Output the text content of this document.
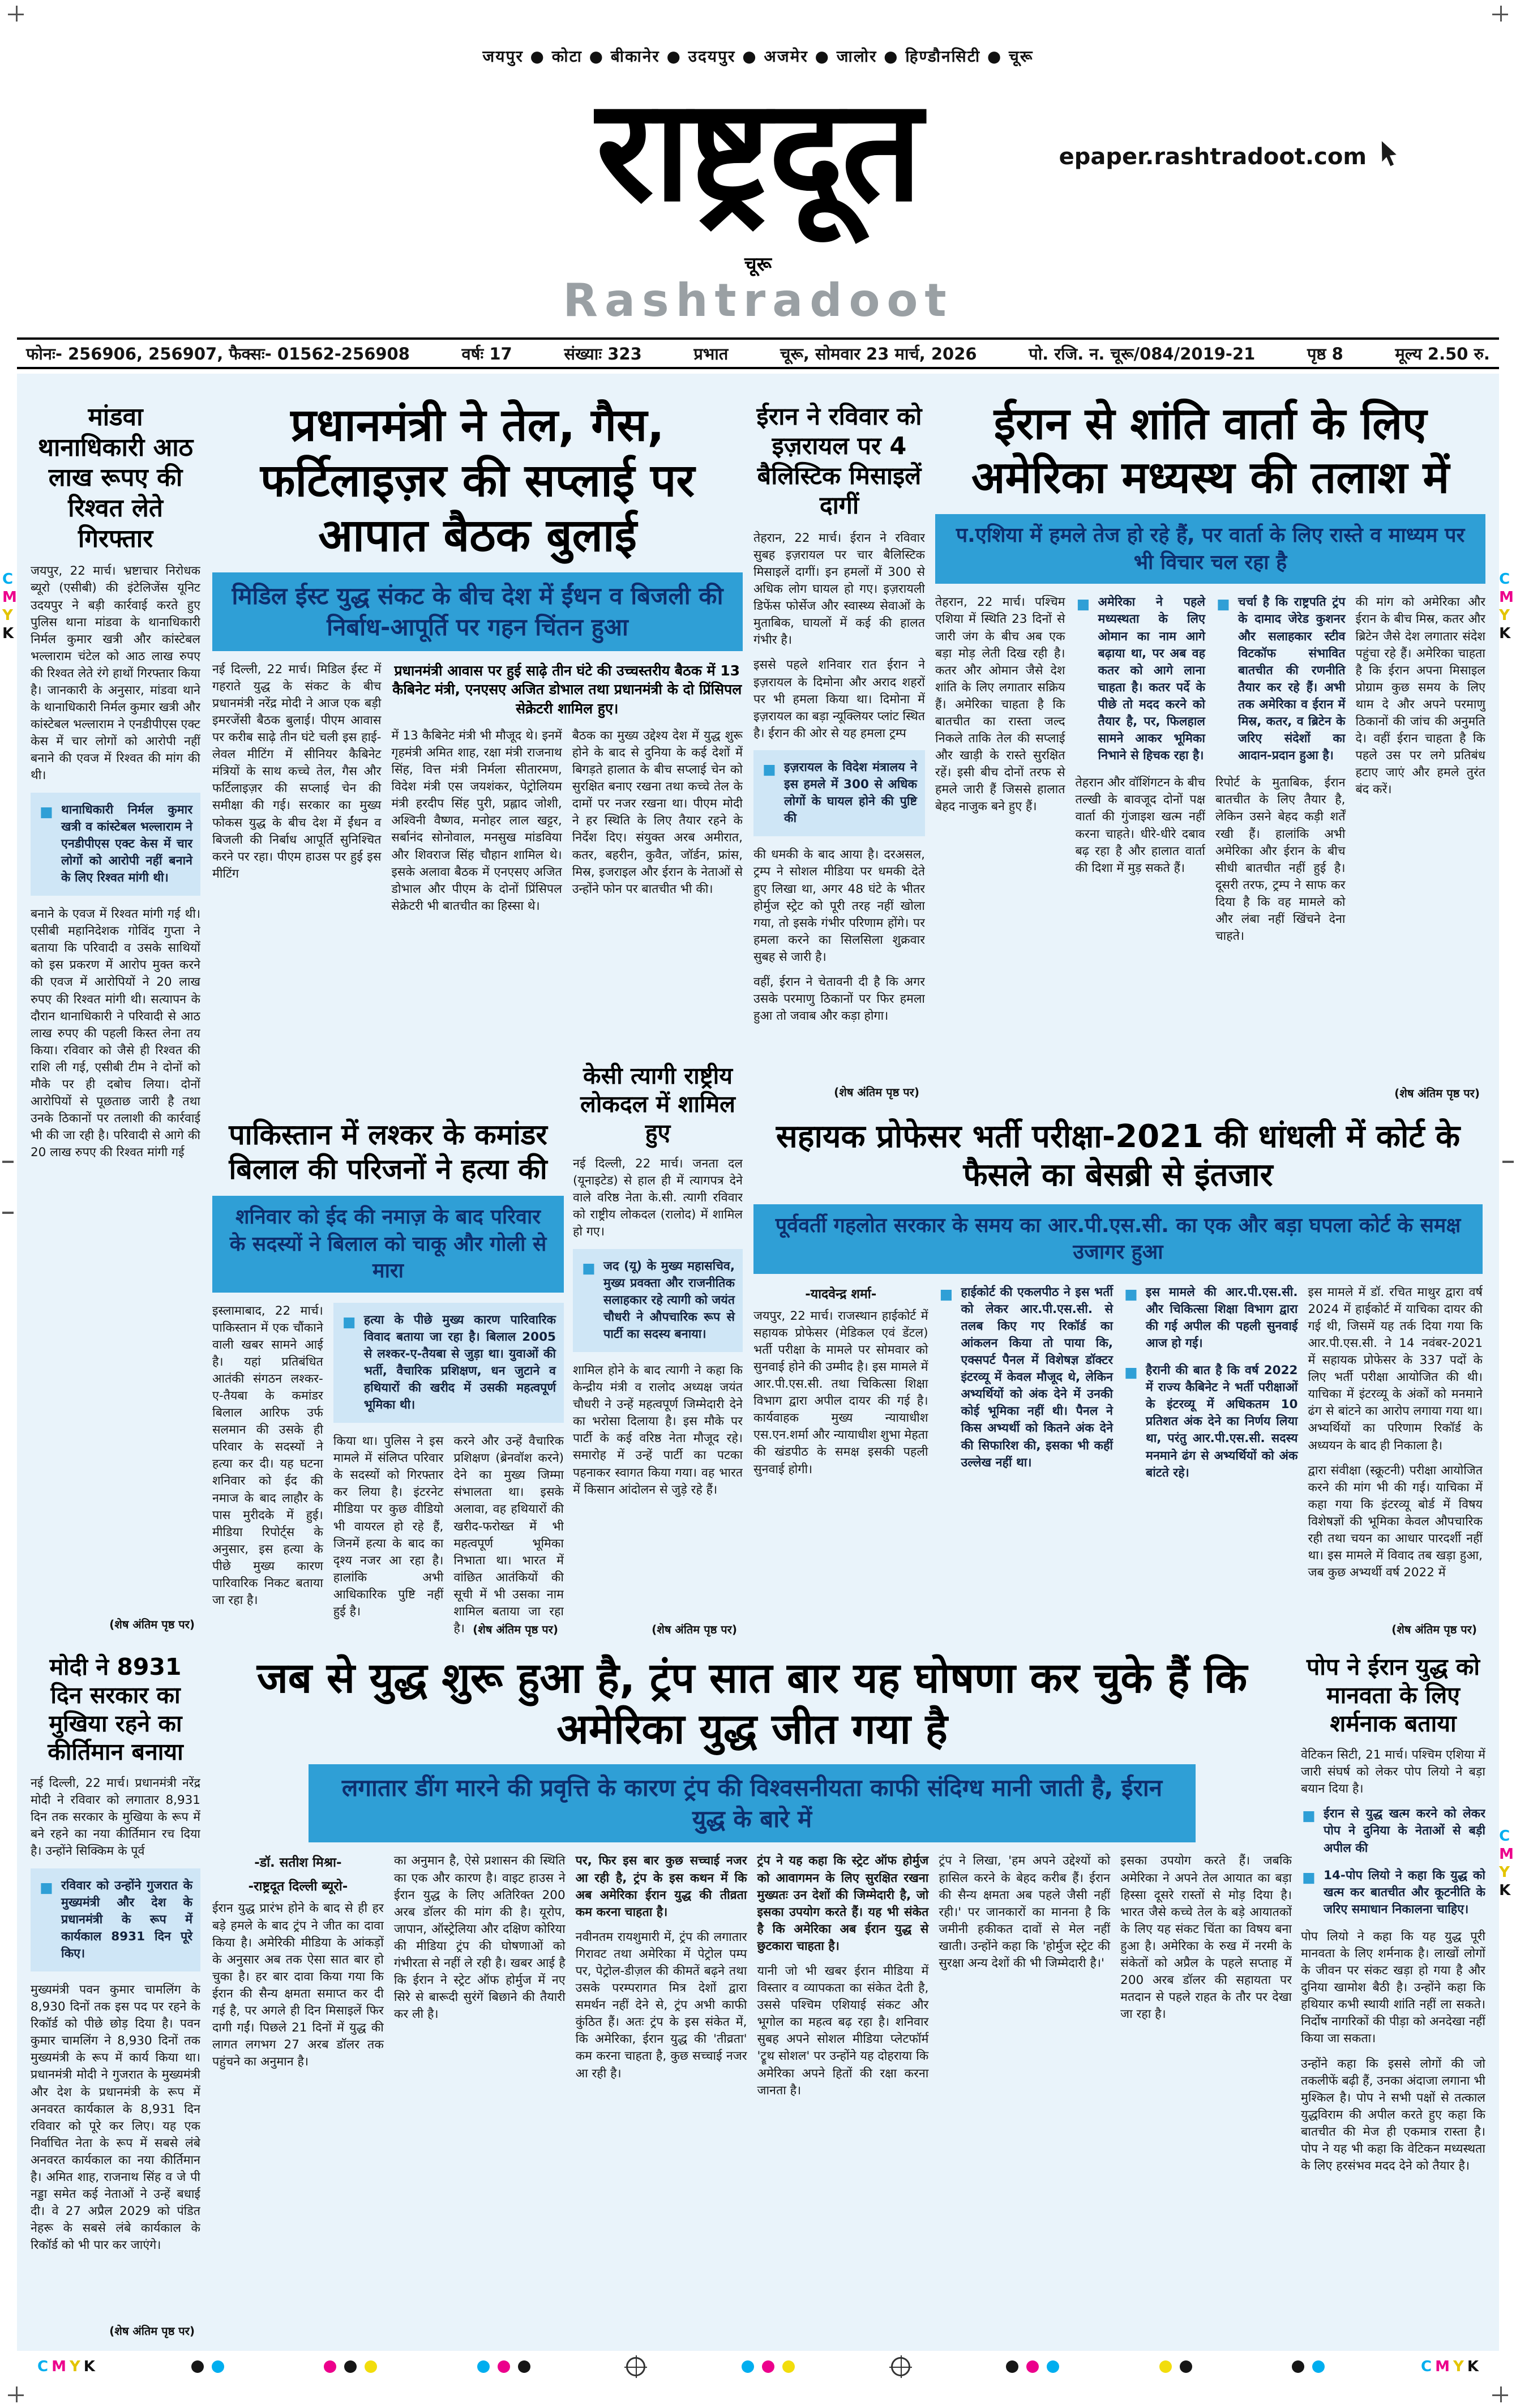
जयपुर ● कोटा ● बीकानेर ● उदयपुर ● अजमेर ● जालोर ● हिण्डौनसिटी ● चूरू
राष्ट्रदूत
चूरू
Rashtradoot
epaper.rashtradoot.com
फोनः- 256906, 256907, फैक्सः- 01562-256908	वर्षः 17	संख्याः 323	प्रभात	चूरू, सोमवार 23 मार्च, 2026	पो. रजि. न. चूरू/084/2019-21	पृष्ठ 8	मूल्य 2.50 रु.
मांडवा थानाधिकारी आठ लाख रूपए की रिश्वत लेते गिरफ्तार

जयपुर, 22 मार्च। भ्रष्टाचार निरोधक ब्यूरो (एसीबी) की इंटेलिजेंस यूनिट उदयपुर ने बड़ी कार्रवाई करते हुए पुलिस थाना मांडवा के थानाधिकारी निर्मल कुमार खत्री और कांस्टेबल भल्लाराम चंटेल को आठ लाख रुपए की रिश्वत लेते रंगे हाथों गिरफ्तार किया है। जानकारी के अनुसार, मांडवा थाने के थानाधिकारी निर्मल कुमार खत्री और कांस्टेबल भल्लाराम ने एनडीपीएस एक्ट केस में चार लोगों को आरोपी नहीं बनाने की एवज में रिश्वत की मांग की थी।

■ थानाधिकारी निर्मल कुमार खत्री व कांस्टेबल भल्लाराम ने एनडीपीएस एक्ट केस में चार लोगों को आरोपी नहीं बनाने के लिए रिश्वत मांगी थी।

बनाने के एवज में रिश्वत मांगी गई थी। एसीबी महानिदेशक गोविंद गुप्ता ने बताया कि परिवादी व उसके साथियों को इस प्रकरण में आरोप मुक्त करने की एवज में आरोपियों ने 20 लाख रुपए की रिश्वत मांगी थी। सत्यापन के दौरान थानाधिकारी ने परिवादी से आठ लाख रुपए की पहली किस्त लेना तय किया। रविवार को जैसे ही रिश्वत की राशि ली गई, एसीबी टीम ने दोनों को मौके पर ही दबोच लिया। दोनों आरोपियों से पूछताछ जारी है तथा उनके ठिकानों पर तलाशी की कार्रवाई भी की जा रही है। परिवादी से आगे की 20 लाख रुपए की रिश्वत मांगी गई

(शेष अंतिम पृष्ठ पर)
प्रधानमंत्री ने तेल, गैस, फर्टिलाइज़र की सप्लाई पर आपात बैठक बुलाई
मिडिल ईस्ट युद्ध संकट के बीच देश में ईंधन व बिजली की निर्बाध-आपूर्ति पर गहन चिंतन हुआ

नई दिल्ली, 22 मार्च। मिडिल ईस्ट में गहराते युद्ध के संकट के बीच प्रधानमंत्री नरेंद्र मोदी ने आज एक बड़ी इमरजेंसी बैठक बुलाई। पीएम आवास पर करीब साढ़े तीन घंटे चली इस हाई-लेवल मीटिंग में सीनियर कैबिनेट मंत्रियों के साथ कच्चे तेल, गैस और फर्टिलाइज़र की सप्लाई चेन की समीक्षा की गई। सरकार का मुख्य फोकस युद्ध के बीच देश में ईंधन व बिजली की निर्बाध आपूर्ति सुनिश्चित करने पर रहा। पीएम हाउस पर हुई इस मीटिंग

प्रधानमंत्री आवास पर हुई साढ़े तीन घंटे की उच्चस्तरीय बैठक में 13 कैबिनेट मंत्री, एनएसए अजित डोभाल तथा प्रधानमंत्री के दो प्रिंसिपल सेक्रेटरी शामिल हुए।

में 13 कैबिनेट मंत्री भी मौजूद थे। इनमें गृहमंत्री अमित शाह, रक्षा मंत्री राजनाथ सिंह, वित्त मंत्री निर्मला सीतारमण, विदेश मंत्री एस जयशंकर, पेट्रोलियम मंत्री हरदीप सिंह पुरी, प्रह्लाद जोशी, अश्विनी वैष्णव, मनोहर लाल खट्टर, सर्बानंद सोनोवाल, मनसुख मांडविया और शिवराज सिंह चौहान शामिल थे। इसके अलावा बैठक में एनएसए अजित डोभाल और पीएम के दोनों प्रिंसिपल सेक्रेटरी भी बातचीत का हिस्सा थे।

बैठक का मुख्य उद्देश्य देश में युद्ध शुरू होने के बाद से दुनिया के कई देशों में बिगड़ते हालात के बीच सप्लाई चेन को सुरक्षित बनाए रखना तथा कच्चे तेल के दामों पर नजर रखना था। पीएम मोदी ने हर स्थिति के लिए तैयार रहने के निर्देश दिए। संयुक्त अरब अमीरात, कतर, बहरीन, कुवैत, जॉर्डन, फ्रांस, मिस्र, इजराइल और ईरान के नेताओं से उन्होंने फोन पर बातचीत भी की।

ईरान ने रविवार को इज़रायल पर 4 बैलिस्टिक मिसाइलें दागीं

तेहरान, 22 मार्च। ईरान ने रविवार सुबह इज़रायल पर चार बैलिस्टिक मिसाइलें दागीं। इन हमलों में 300 से अधिक लोग घायल हो गए। इज़रायली डिफेंस फोर्सेज और स्वास्थ्य सेवाओं के मुताबिक, घायलों में कई की हालत गंभीर है।

इससे पहले शनिवार रात ईरान ने इज़रायल के दिमोना और अराद शहरों पर भी हमला किया था। दिमोना में इज़रायल का बड़ा न्यूक्लियर प्लांट स्थित है। ईरान की ओर से यह हमला ट्रम्प

■ इज़रायल के विदेश मंत्रालय ने इस हमले में 300 से अधिक लोगों के घायल होने की पुष्टि की

की धमकी के बाद आया है। दरअसल, ट्रम्प ने सोशल मीडिया पर धमकी देते हुए लिखा था, अगर 48 घंटे के भीतर होर्मुज स्ट्रेट को पूरी तरह नहीं खोला गया, तो इसके गंभीर परिणाम होंगे। पर हमला करने का सिलसिला शुक्रवार सुबह से जारी है।

वहीं, ईरान ने चेतावनी दी है कि अगर उसके परमाणु ठिकानों पर फिर हमला हुआ तो जवाब और कड़ा होगा।

(शेष अंतिम पृष्ठ पर)
ईरान से शांति वार्ता के लिए अमेरिका मध्यस्थ की तलाश में
प.एशिया में हमले तेज हो रहे हैं, पर वार्ता के लिए रास्ते व माध्यम पर भी विचार चल रहा है

तेहरान, 22 मार्च। पश्चिम एशिया में स्थिति 23 दिनों से जारी जंग के बीच अब एक बड़ा मोड़ लेती दिख रही है। कतर और ओमान जैसे देश शांति के लिए लगातार सक्रिय हैं। अमेरिका चाहता है कि बातचीत का रास्ता जल्द निकले ताकि तेल की सप्लाई और खाड़ी के रास्ते सुरक्षित रहें। इसी बीच दोनों तरफ से हमले जारी हैं जिससे हालात बेहद नाजुक बने हुए हैं।

■ अमेरिका ने पहले मध्यस्थता के लिए ओमान का नाम आगे बढ़ाया था, पर अब वह कतर को आगे लाना चाहता है। कतर पर्दे के पीछे तो मदद करने को तैयार है, पर, फिलहाल सामने आकर भूमिका निभाने से हिचक रहा है।

तेहरान और वॉशिंगटन के बीच तल्खी के बावजूद दोनों पक्ष वार्ता की गुंजाइश खत्म नहीं करना चाहते। धीरे-धीरे दबाव बढ़ रहा है और हालात वार्ता की दिशा में मुड़ सकते हैं।

■ चर्चा है कि राष्ट्रपति ट्रंप के दामाद जेरेड कुशनर और सलाहकार स्टीव विटकॉफ संभावित बातचीत की रणनीति तैयार कर रहे हैं। अभी तक अमेरिका व ईरान में मिस्र, कतर, व ब्रिटेन के जरिए संदेशों का आदान-प्रदान हुआ है।

रिपोर्ट के मुताबिक, ईरान बातचीत के लिए तैयार है, लेकिन उसने बेहद कड़ी शर्तें रखी हैं। हालांकि अभी अमेरिका और ईरान के बीच सीधी बातचीत नहीं हुई है। दूसरी तरफ, ट्रम्प ने साफ कर दिया है कि वह मामले को और लंबा नहीं खिंचने देना चाहते।

की मांग को अमेरिका और ईरान के बीच मिस्र, कतर और ब्रिटेन जैसे देश लगातार संदेश पहुंचा रहे हैं। अमेरिका चाहता है कि ईरान अपना मिसाइल प्रोग्राम कुछ समय के लिए थाम दे और अपने परमाणु ठिकानों की जांच की अनुमति दे। वहीं ईरान चाहता है कि पहले उस पर लगे प्रतिबंध हटाए जाएं और हमले तुरंत बंद करें।

(शेष अंतिम पृष्ठ पर)
पाकिस्तान में लश्कर के कमांडर बिलाल की परिजनों ने हत्या की
शनिवार को ईद की नमाज़ के बाद परिवार के सदस्यों ने बिलाल को चाकू और गोली से मारा

इस्लामाबाद, 22 मार्च। पाकिस्तान में एक चौंकाने वाली खबर सामने आई है। यहां प्रतिबंधित आतंकी संगठन लश्कर-ए-तैयबा के कमांडर बिलाल आरिफ उर्फ सलमान की उसके ही परिवार के सदस्यों ने हत्या कर दी। यह घटना शनिवार को ईद की नमाज के बाद लाहौर के पास मुरीदके में हुई। मीडिया रिपोर्ट्स के अनुसार, इस हत्या के पीछे मुख्य कारण पारिवारिक निकट बताया जा रहा है।

■ हत्या के पीछे मुख्य कारण पारिवारिक विवाद बताया जा रहा है। बिलाल 2005 से लश्कर-ए-तैयबा से जुड़ा था। युवाओं की भर्ती, वैचारिक प्रशिक्षण, धन जुटाने व हथियारों की खरीद में उसकी महत्वपूर्ण भूमिका थी।

किया था। पुलिस ने इस मामले में संलिप्त परिवार के सदस्यों को गिरफ्तार कर लिया है। इंटरनेट मीडिया पर कुछ वीडियो भी वायरल हो रहे हैं, जिनमें हत्या के बाद का दृश्य नजर आ रहा है। हालांकि अभी आधिकारिक पुष्टि नहीं हुई है।

करने और उन्हें वैचारिक प्रशिक्षण (ब्रेनवॉश करने) देने का मुख्य जिम्मा संभालता था। इसके अलावा, वह हथियारों की खरीद-फरोख्त में भी महत्वपूर्ण भूमिका निभाता था। भारत में वांछित आतंकियों की सूची में भी उसका नाम शामिल बताया जा रहा है। (शेष अंतिम पृष्ठ पर)
केसी त्यागी राष्ट्रीय लोकदल में शामिल हुए

नई दिल्ली, 22 मार्च। जनता दल (यूनाइटेड) से हाल ही में त्यागपत्र देने वाले वरिष्ठ नेता के.सी. त्यागी रविवार को राष्ट्रीय लोकदल (रालोद) में शामिल हो गए।

■ जद (यू) के मुख्य महासचिव, मुख्य प्रवक्ता और राजनीतिक सलाहकार रहे त्यागी को जयंत चौधरी ने औपचारिक रूप से पार्टी का सदस्य बनाया।

शामिल होने के बाद त्यागी ने कहा कि केन्द्रीय मंत्री व रालोद अध्यक्ष जयंत चौधरी ने उन्हें महत्वपूर्ण जिम्मेदारी देने का भरोसा दिलाया है। इस मौके पर पार्टी के कई वरिष्ठ नेता मौजूद रहे। समारोह में उन्हें पार्टी का पटका पहनाकर स्वागत किया गया। वह भारत में किसान आंदोलन से जुड़े रहे हैं।

(शेष अंतिम पृष्ठ पर)
सहायक प्रोफेसर भर्ती परीक्षा-2021 की धांधली में कोर्ट के फैसले का बेसब्री से इंतजार
पूर्ववर्ती गहलोत सरकार के समय का आर.पी.एस.सी. का एक और बड़ा घपला कोर्ट के समक्ष उजागर हुआ

-यादवेन्द्र शर्मा-

जयपुर, 22 मार्च। राजस्थान हाईकोर्ट में सहायक प्रोफेसर (मेडिकल एवं डेंटल) भर्ती परीक्षा के मामले पर सोमवार को सुनवाई होने की उम्मीद है। इस मामले में आर.पी.एस.सी. तथा चिकित्सा शिक्षा विभाग द्वारा अपील दायर की गई है। कार्यवाहक मुख्य न्यायाधीश एस.एन.शर्मा और न्यायाधीश शुभा मेहता की खंडपीठ के समक्ष इसकी पहली सुनवाई होगी।

■ हाईकोर्ट की एकलपीठ ने इस भर्ती को लेकर आर.पी.एस.सी. से तलब किए गए रिकॉर्ड का आंकलन किया तो पाया कि, एक्सपर्ट पैनल में विशेषज्ञ डॉक्टर इंटरव्यू में केवल मौजूद थे, लेकिन अभ्यर्थियों को अंक देने में उनकी कोई भूमिका नहीं थी। पैनल ने किस अभ्यर्थी को कितने अंक देने की सिफारिश की, इसका भी कहीं उल्लेख नहीं था।

■ इस मामले की आर.पी.एस.सी. और चिकित्सा शिक्षा विभाग द्वारा की गई अपील की पहली सुनवाई आज हो गई।

■ हैरानी की बात है कि वर्ष 2022 में राज्य कैबिनेट ने भर्ती परीक्षाओं के इंटरव्यू में अधिकतम 10 प्रतिशत अंक देने का निर्णय लिया था, परंतु आर.पी.एस.सी. सदस्य मनमाने ढंग से अभ्यर्थियों को अंक बांटते रहे।

इस मामले में डॉ. रचित माथुर द्वारा वर्ष 2024 में हाईकोर्ट में याचिका दायर की गई थी, जिसमें यह तर्क दिया गया कि आर.पी.एस.सी. ने 14 नवंबर-2021 में सहायक प्रोफेसर के 337 पदों के लिए भर्ती परीक्षा आयोजित की थी। याचिका में इंटरव्यू के अंकों को मनमाने ढंग से बांटने का आरोप लगाया गया था। अभ्यर्थियों का परिणाम रिकॉर्ड के अध्ययन के बाद ही निकाला है।

द्वारा संवीक्षा (स्क्रूटनी) परीक्षा आयोजित करने की मांग भी की गई। याचिका में कहा गया कि इंटरव्यू बोर्ड में विषय विशेषज्ञों की भूमिका केवल औपचारिक रही तथा चयन का आधार पारदर्शी नहीं था। इस मामले में विवाद तब खड़ा हुआ, जब कुछ अभ्यर्थी वर्ष 2022 में

(शेष अंतिम पृष्ठ पर)
मोदी ने 8931 दिन सरकार का मुखिया रहने का कीर्तिमान बनाया

नई दिल्ली, 22 मार्च। प्रधानमंत्री नरेंद्र मोदी ने रविवार को लगातार 8,931 दिन तक सरकार के मुखिया के रूप में बने रहने का नया कीर्तिमान रच दिया है। उन्होंने सिक्किम के पूर्व

■ रविवार को उन्होंने गुजरात के मुख्यमंत्री और देश के प्रधानमंत्री के रूप में कार्यकाल 8931 दिन पूरे किए।

मुख्यमंत्री पवन कुमार चामलिंग के 8,930 दिनों तक इस पद पर रहने के रिकॉर्ड को पीछे छोड़ दिया है। पवन कुमार चामलिंग ने 8,930 दिनों तक मुख्यमंत्री के रूप में कार्य किया था। प्रधानमंत्री मोदी ने गुजरात के मुख्यमंत्री और देश के प्रधानमंत्री के रूप में अनवरत कार्यकाल के 8,931 दिन रविवार को पूरे कर लिए। यह एक निर्वाचित नेता के रूप में सबसे लंबे अनवरत कार्यकाल का नया कीर्तिमान है। अमित शाह, राजनाथ सिंह व जे पी नड्डा समेत कई नेताओं ने उन्हें बधाई दी। वे 27 अप्रैल 2029 को पंडित नेहरू के सबसे लंबे कार्यकाल के रिकॉर्ड को भी पार कर जाएंगे।

(शेष अंतिम पृष्ठ पर)
जब से युद्ध शुरू हुआ है, ट्रंप सात बार यह घोषणा कर चुके हैं कि अमेरिका युद्ध जीत गया है
लगातार डींग मारने की प्रवृत्ति के कारण ट्रंप की विश्वसनीयता काफी संदिग्ध मानी जाती है, ईरान युद्ध के बारे में

-डॉ. सतीश मिश्रा-

-राष्ट्रदूत दिल्ली ब्यूरो-

ईरान युद्ध प्रारंभ होने के बाद से ही हर बड़े हमले के बाद ट्रंप ने जीत का दावा किया है। अमेरिकी मीडिया के आंकड़ों के अनुसार अब तक ऐसा सात बार हो चुका है। हर बार दावा किया गया कि ईरान की सैन्य क्षमता समाप्त कर दी गई है, पर अगले ही दिन मिसाइलें फिर दागी गईं। पिछले 21 दिनों में युद्ध की लागत लगभग 27 अरब डॉलर तक पहुंचने का अनुमान है।

का अनुमान है, ऐसे प्रशासन की स्थिति का एक और कारण है। वाइट हाउस ने ईरान युद्ध के लिए अतिरिक्त 200 अरब डॉलर की मांग की है। यूरोप, जापान, ऑस्ट्रेलिया और दक्षिण कोरिया की मीडिया ट्रंप की घोषणाओं को गंभीरता से नहीं ले रही है। खबर आई है कि ईरान ने स्ट्रेट ऑफ होर्मुज में नए सिरे से बारूदी सुरंगें बिछाने की तैयारी कर ली है।

पर, फिर इस बार कुछ सच्चाई नजर आ रही है, ट्रंप के इस कथन में कि अब अमेरिका ईरान युद्ध की तीव्रता कम करना चाहता है।

नवीनतम रायशुमारी में, ट्रंप की लगातार गिरावट तथा अमेरिका में पेट्रोल पम्प पर, पेट्रोल-डीज़ल की कीमतें बढ़ने तथा उसके परम्परागत मित्र देशों द्वारा समर्थन नहीं देने से, ट्रंप अभी काफी कुंठित हैं। अतः ट्रंप के इस संकेत में, कि अमेरिका, ईरान युद्ध की 'तीव्रता' कम करना चाहता है, कुछ सच्चाई नजर आ रही है।

ट्रंप ने यह कहा कि स्ट्रेट ऑफ होर्मुज को आवागमन के लिए सुरक्षित रखना मुख्यतः उन देशों की जिम्मेदारी है, जो इसका उपयोग करते हैं। यह भी संकेत है कि अमेरिका अब ईरान युद्ध से छुटकारा चाहता है।

यानी जो भी खबर ईरान मीडिया में विस्तार व व्यापकता का संकेत देती है, उससे पश्चिम एशियाई संकट और भूगोल का महत्व बढ़ रहा है। शनिवार सुबह अपने सोशल मीडिया प्लेटफॉर्म 'ट्रूथ सोशल' पर उन्होंने यह दोहराया कि अमेरिका अपने हितों की रक्षा करना जानता है।

ट्रंप ने लिखा, 'हम अपने उद्देश्यों को हासिल करने के बेहद करीब हैं। ईरान की सैन्य क्षमता अब पहले जैसी नहीं रही।' पर जानकारों का मानना है कि जमीनी हकीकत दावों से मेल नहीं खाती। उन्होंने कहा कि 'होर्मुज स्ट्रेट की सुरक्षा अन्य देशों की भी जिम्मेदारी है।'

इसका उपयोग करते हैं। जबकि अमेरिका ने अपने तेल आयात का बड़ा हिस्सा दूसरे रास्तों से मोड़ दिया है। भारत जैसे कच्चे तेल के बड़े आयातकों के लिए यह संकट चिंता का विषय बना हुआ है। अमेरिका के रुख में नरमी के संकेतों को अप्रैल के पहले सप्ताह में 200 अरब डॉलर की सहायता पर मतदान से पहले राहत के तौर पर देखा जा रहा है।

पोप ने ईरान युद्ध को मानवता के लिए शर्मनाक बताया

वेटिकन सिटी, 21 मार्च। पश्चिम एशिया में जारी संघर्ष को लेकर पोप लियो ने बड़ा बयान दिया है।

■ ईरान से युद्ध खत्म करने को लेकर पोप ने दुनिया के नेताओं से बड़ी अपील की

■ 14-पोप लियो ने कहा कि युद्ध को खत्म कर बातचीत और कूटनीति के जरिए समाधान निकालना चाहिए।

पोप लियो ने कहा कि यह युद्ध पूरी मानवता के लिए शर्मनाक है। लाखों लोगों के जीवन पर संकट खड़ा हो गया है और दुनिया खामोश बैठी है। उन्होंने कहा कि हथियार कभी स्थायी शांति नहीं ला सकते। निर्दोष नागरिकों की पीड़ा को अनदेखा नहीं किया जा सकता।

उन्होंने कहा कि इससे लोगों की जो तकलीफें बढ़ी हैं, उनका अंदाजा लगाना भी मुश्किल है। पोप ने सभी पक्षों से तत्काल युद्धविराम की अपील करते हुए कहा कि बातचीत की मेज ही एकमात्र रास्ता है। पोप ने यह भी कहा कि वेटिकन मध्यस्थता के लिए हरसंभव मदद देने को तैयार है।

C
M
Y
K
C
M
Y
K
C
M
Y
K
C M Y K	C M Y K
